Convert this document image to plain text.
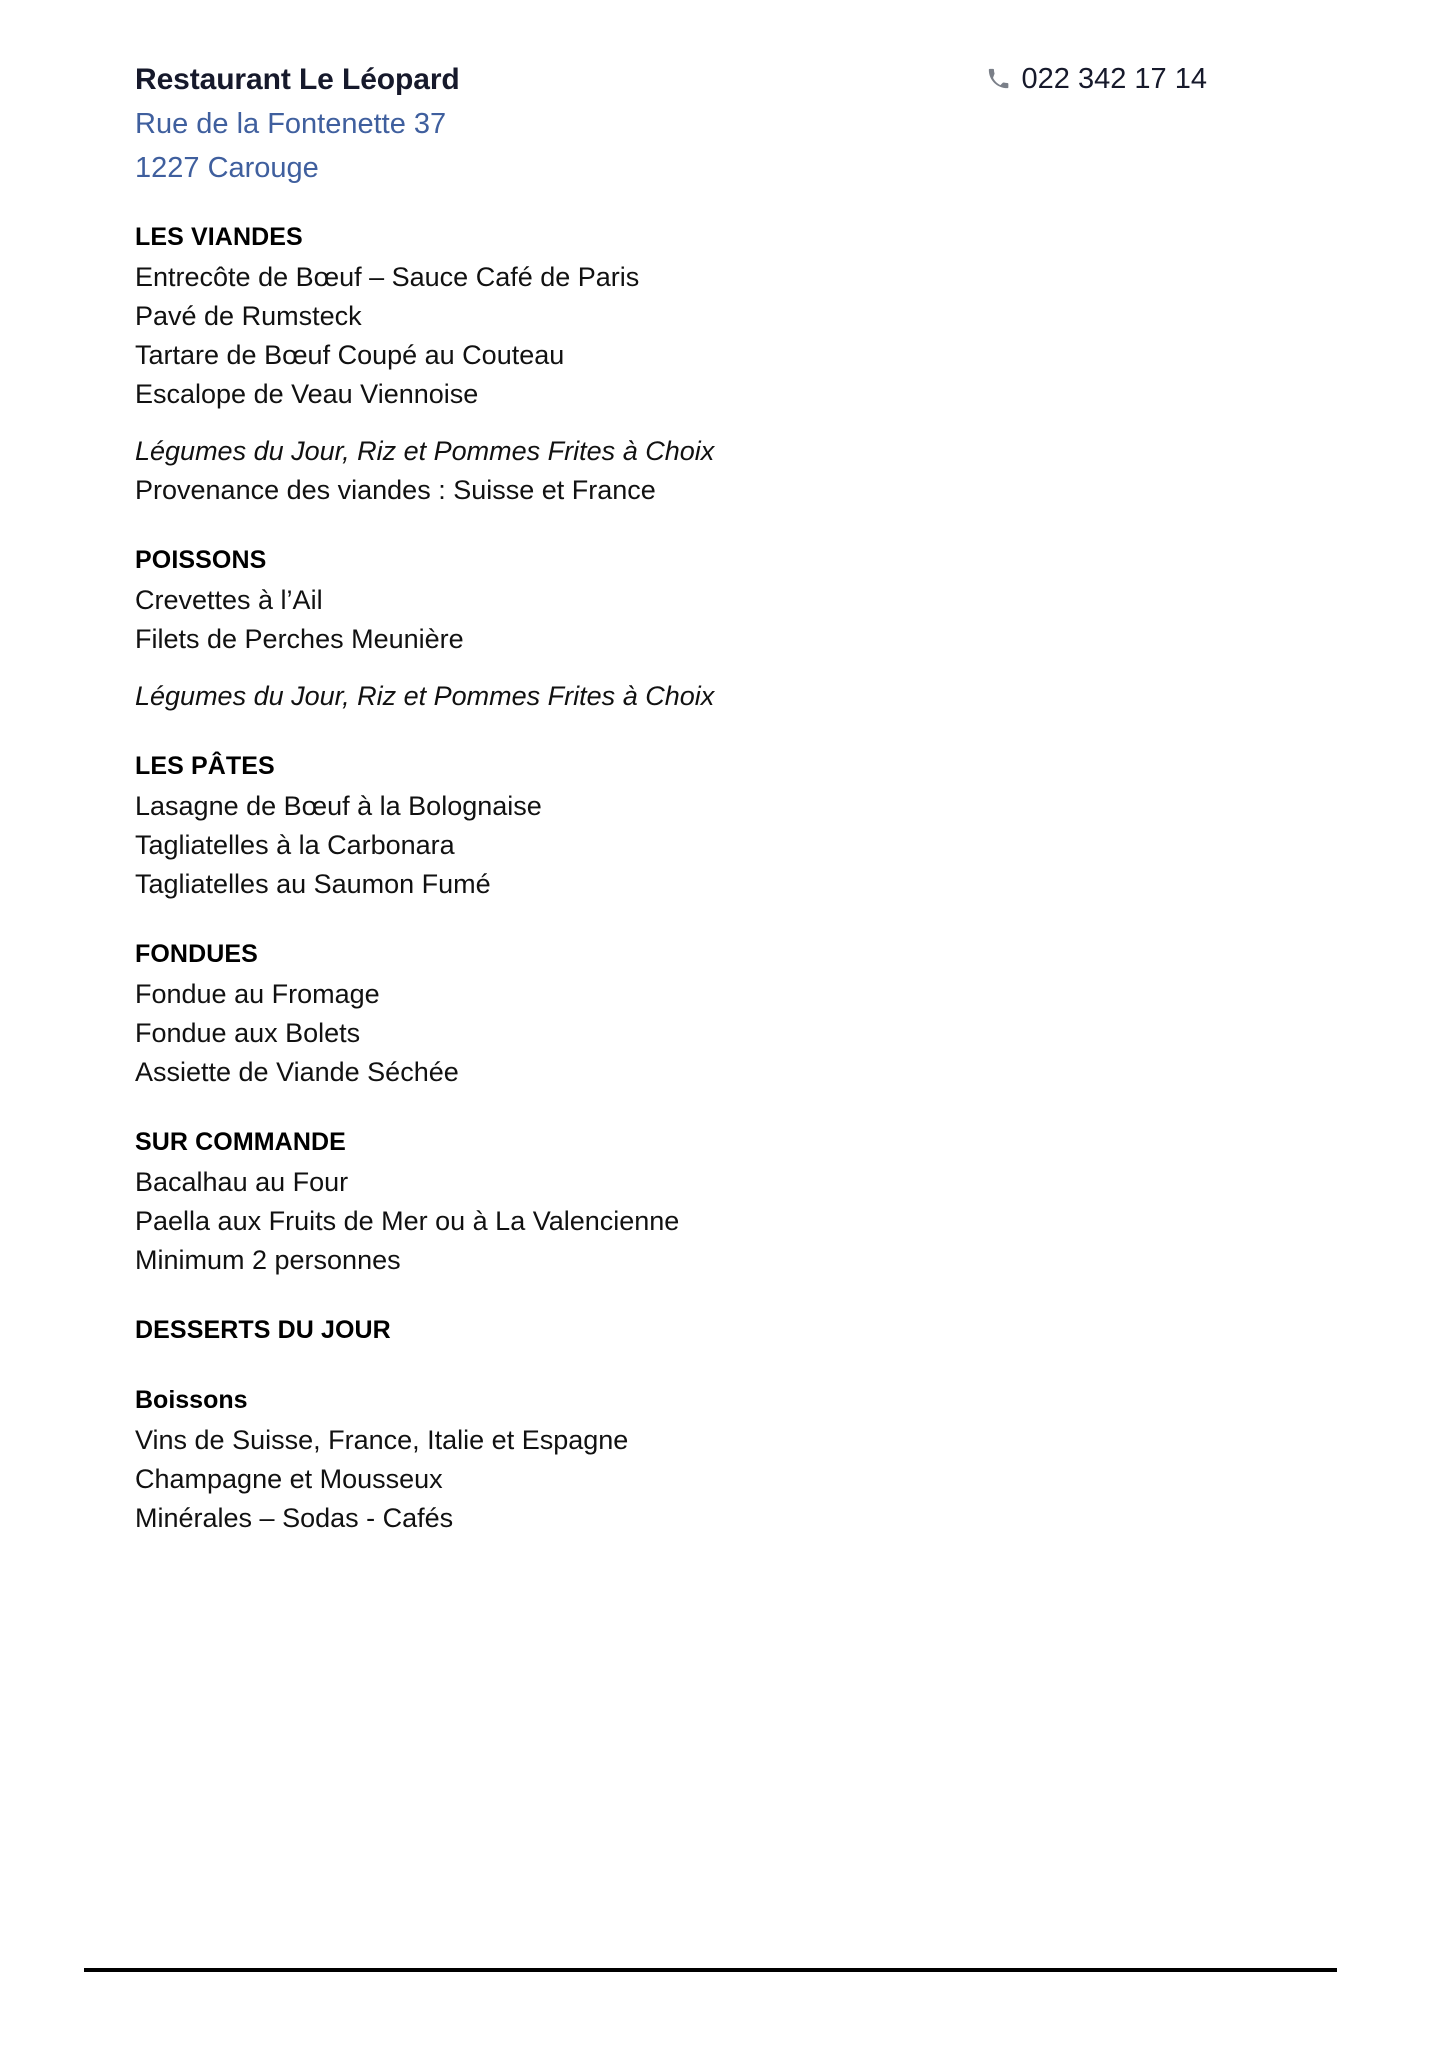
Restaurant Le Léopard
Rue de la Fontenette 37
1227 Carouge
022 342 17 14
LES VIANDES
Entrecôte de Bœuf – Sauce Café de Paris
Pavé de Rumsteck
Tartare de Bœuf Coupé au Couteau
Escalope de Veau Viennoise
Légumes du Jour, Riz et Pommes Frites à Choix
Provenance des viandes : Suisse et France
POISSONS
Crevettes à l’Ail
Filets de Perches Meunière
Légumes du Jour, Riz et Pommes Frites à Choix
LES PÂTES
Lasagne de Bœuf à la Bolognaise
Tagliatelles à la Carbonara
Tagliatelles au Saumon Fumé
FONDUES
Fondue au Fromage
Fondue aux Bolets
Assiette de Viande Séchée
SUR COMMANDE
Bacalhau au Four
Paella aux Fruits de Mer ou à La Valencienne
Minimum 2 personnes
DESSERTS DU JOUR
Boissons
Vins de Suisse, France, Italie et Espagne
Champagne et Mousseux
Minérales – Sodas - Cafés
